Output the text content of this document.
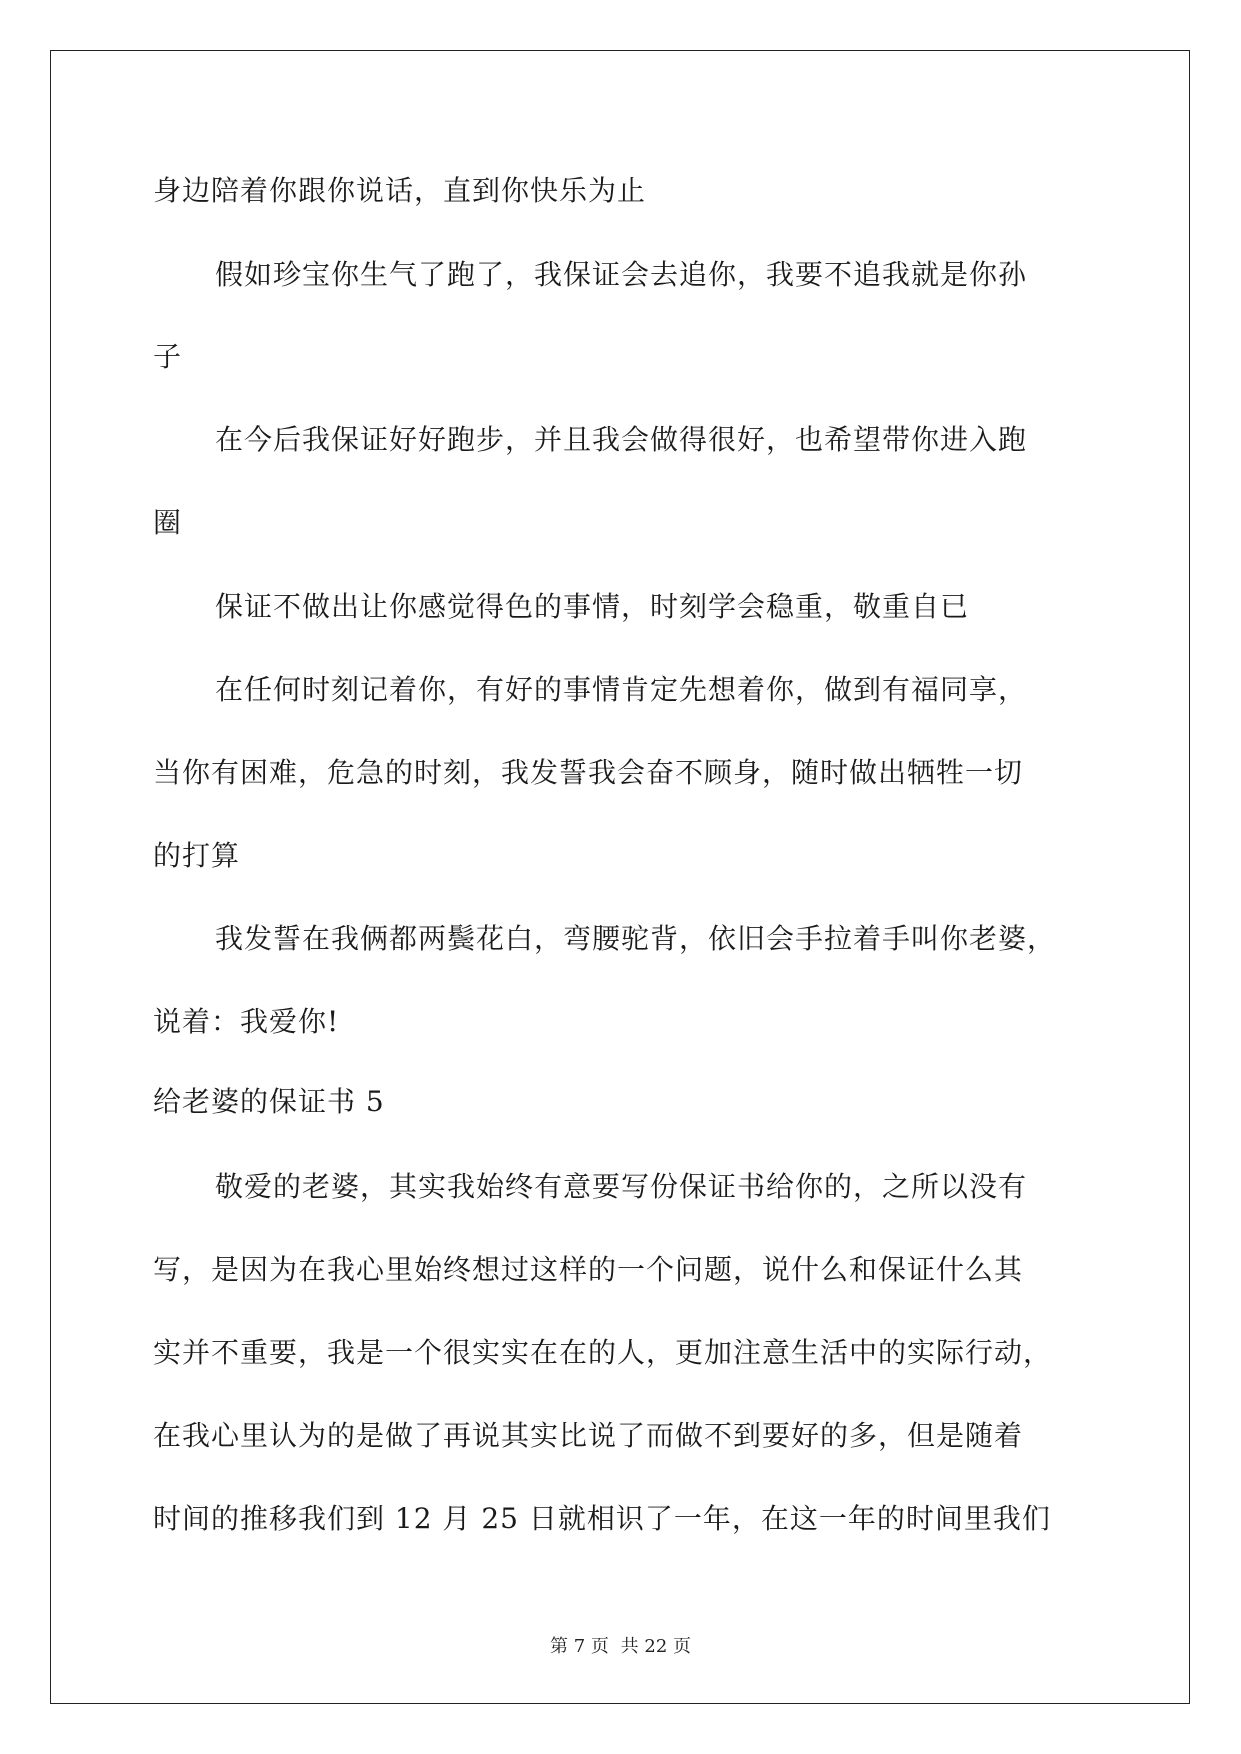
身边陪着你跟你说话，直到你快乐为止
假如珍宝你生气了跑了，我保证会去追你，我要不追我就是你孙
子
在今后我保证好好跑步，并且我会做得很好，也希望带你进入跑
圈
保证不做出让你感觉得色的事情，时刻学会稳重，敬重自已
在任何时刻记着你，有好的事情肯定先想着你，做到有福同享，
当你有困难，危急的时刻，我发誓我会奋不顾身，随时做出牺牲一切
的打算
我发誓在我俩都两鬓花白，弯腰驼背，依旧会手拉着手叫你老婆，
说着：我爱你!
给老婆的保证书 5
敬爱的老婆，其实我始终有意要写份保证书给你的，之所以没有
写，是因为在我心里始终想过这样的一个问题，说什么和保证什么其
实并不重要，我是一个很实实在在的人，更加注意生活中的实际行动，
在我心里认为的是做了再说其实比说了而做不到要好的多，但是随着
时间的推移我们到 12 月 25 日就相识了一年，在这一年的时间里我们
第 7 页 共 22 页
